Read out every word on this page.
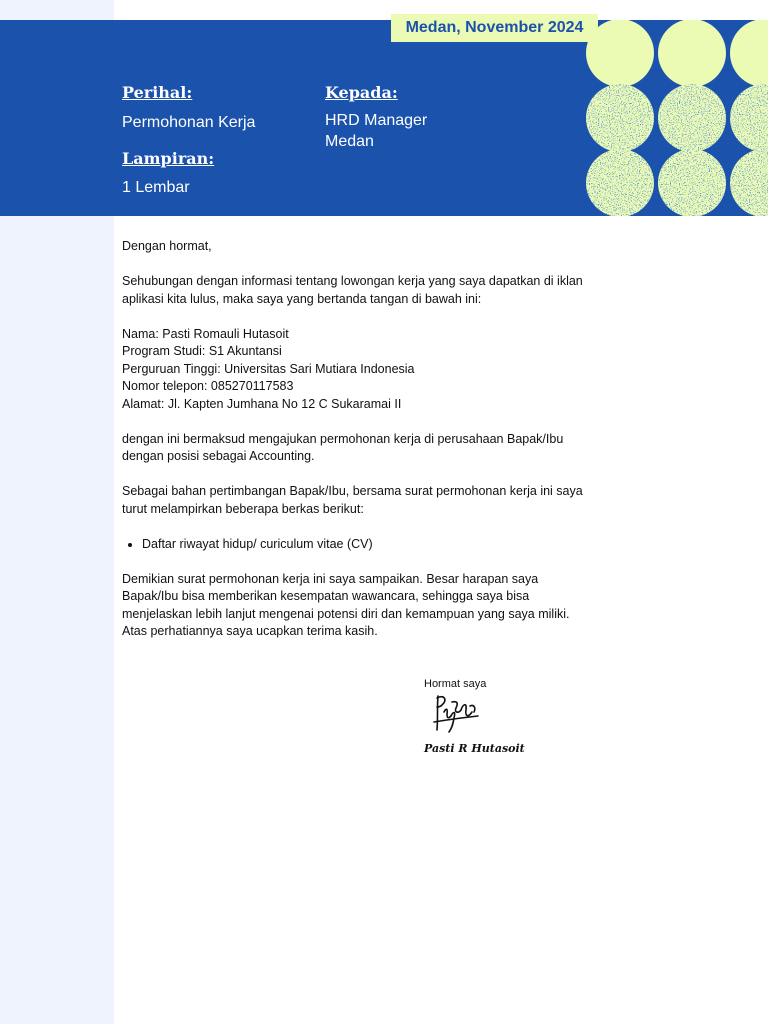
Perihal:
Permohonan Kerja
Lampiran:
1 Lembar
Kepada:
HRD Manager
Medan
Medan, November 2024

Dengan hormat,

Sehubungan dengan informasi tentang lowongan kerja yang saya dapatkan di iklan
aplikasi kita lulus, maka saya yang bertanda tangan di bawah ini:

Nama: Pasti Romauli Hutasoit
Program Studi: S1 Akuntansi
Perguruan Tinggi: Universitas Sari Mutiara Indonesia
Nomor telepon: 085270117583
Alamat: Jl. Kapten Jumhana No 12 C Sukaramai II

dengan ini bermaksud mengajukan permohonan kerja di perusahaan Bapak/Ibu
dengan posisi sebagai Accounting.

Sebagai bahan pertimbangan Bapak/Ibu, bersama surat permohonan kerja ini saya
turut melampirkan beberapa berkas berikut:

• Daftar riwayat hidup/ curiculum vitae (CV)

Demikian surat permohonan kerja ini saya sampaikan. Besar harapan saya
Bapak/Ibu bisa memberikan kesempatan wawancara, sehingga saya bisa
menjelaskan lebih lanjut mengenai potensi diri dan kemampuan yang saya miliki.
Atas perhatiannya saya ucapkan terima kasih.

Hormat saya
Pasti R Hutasoit
